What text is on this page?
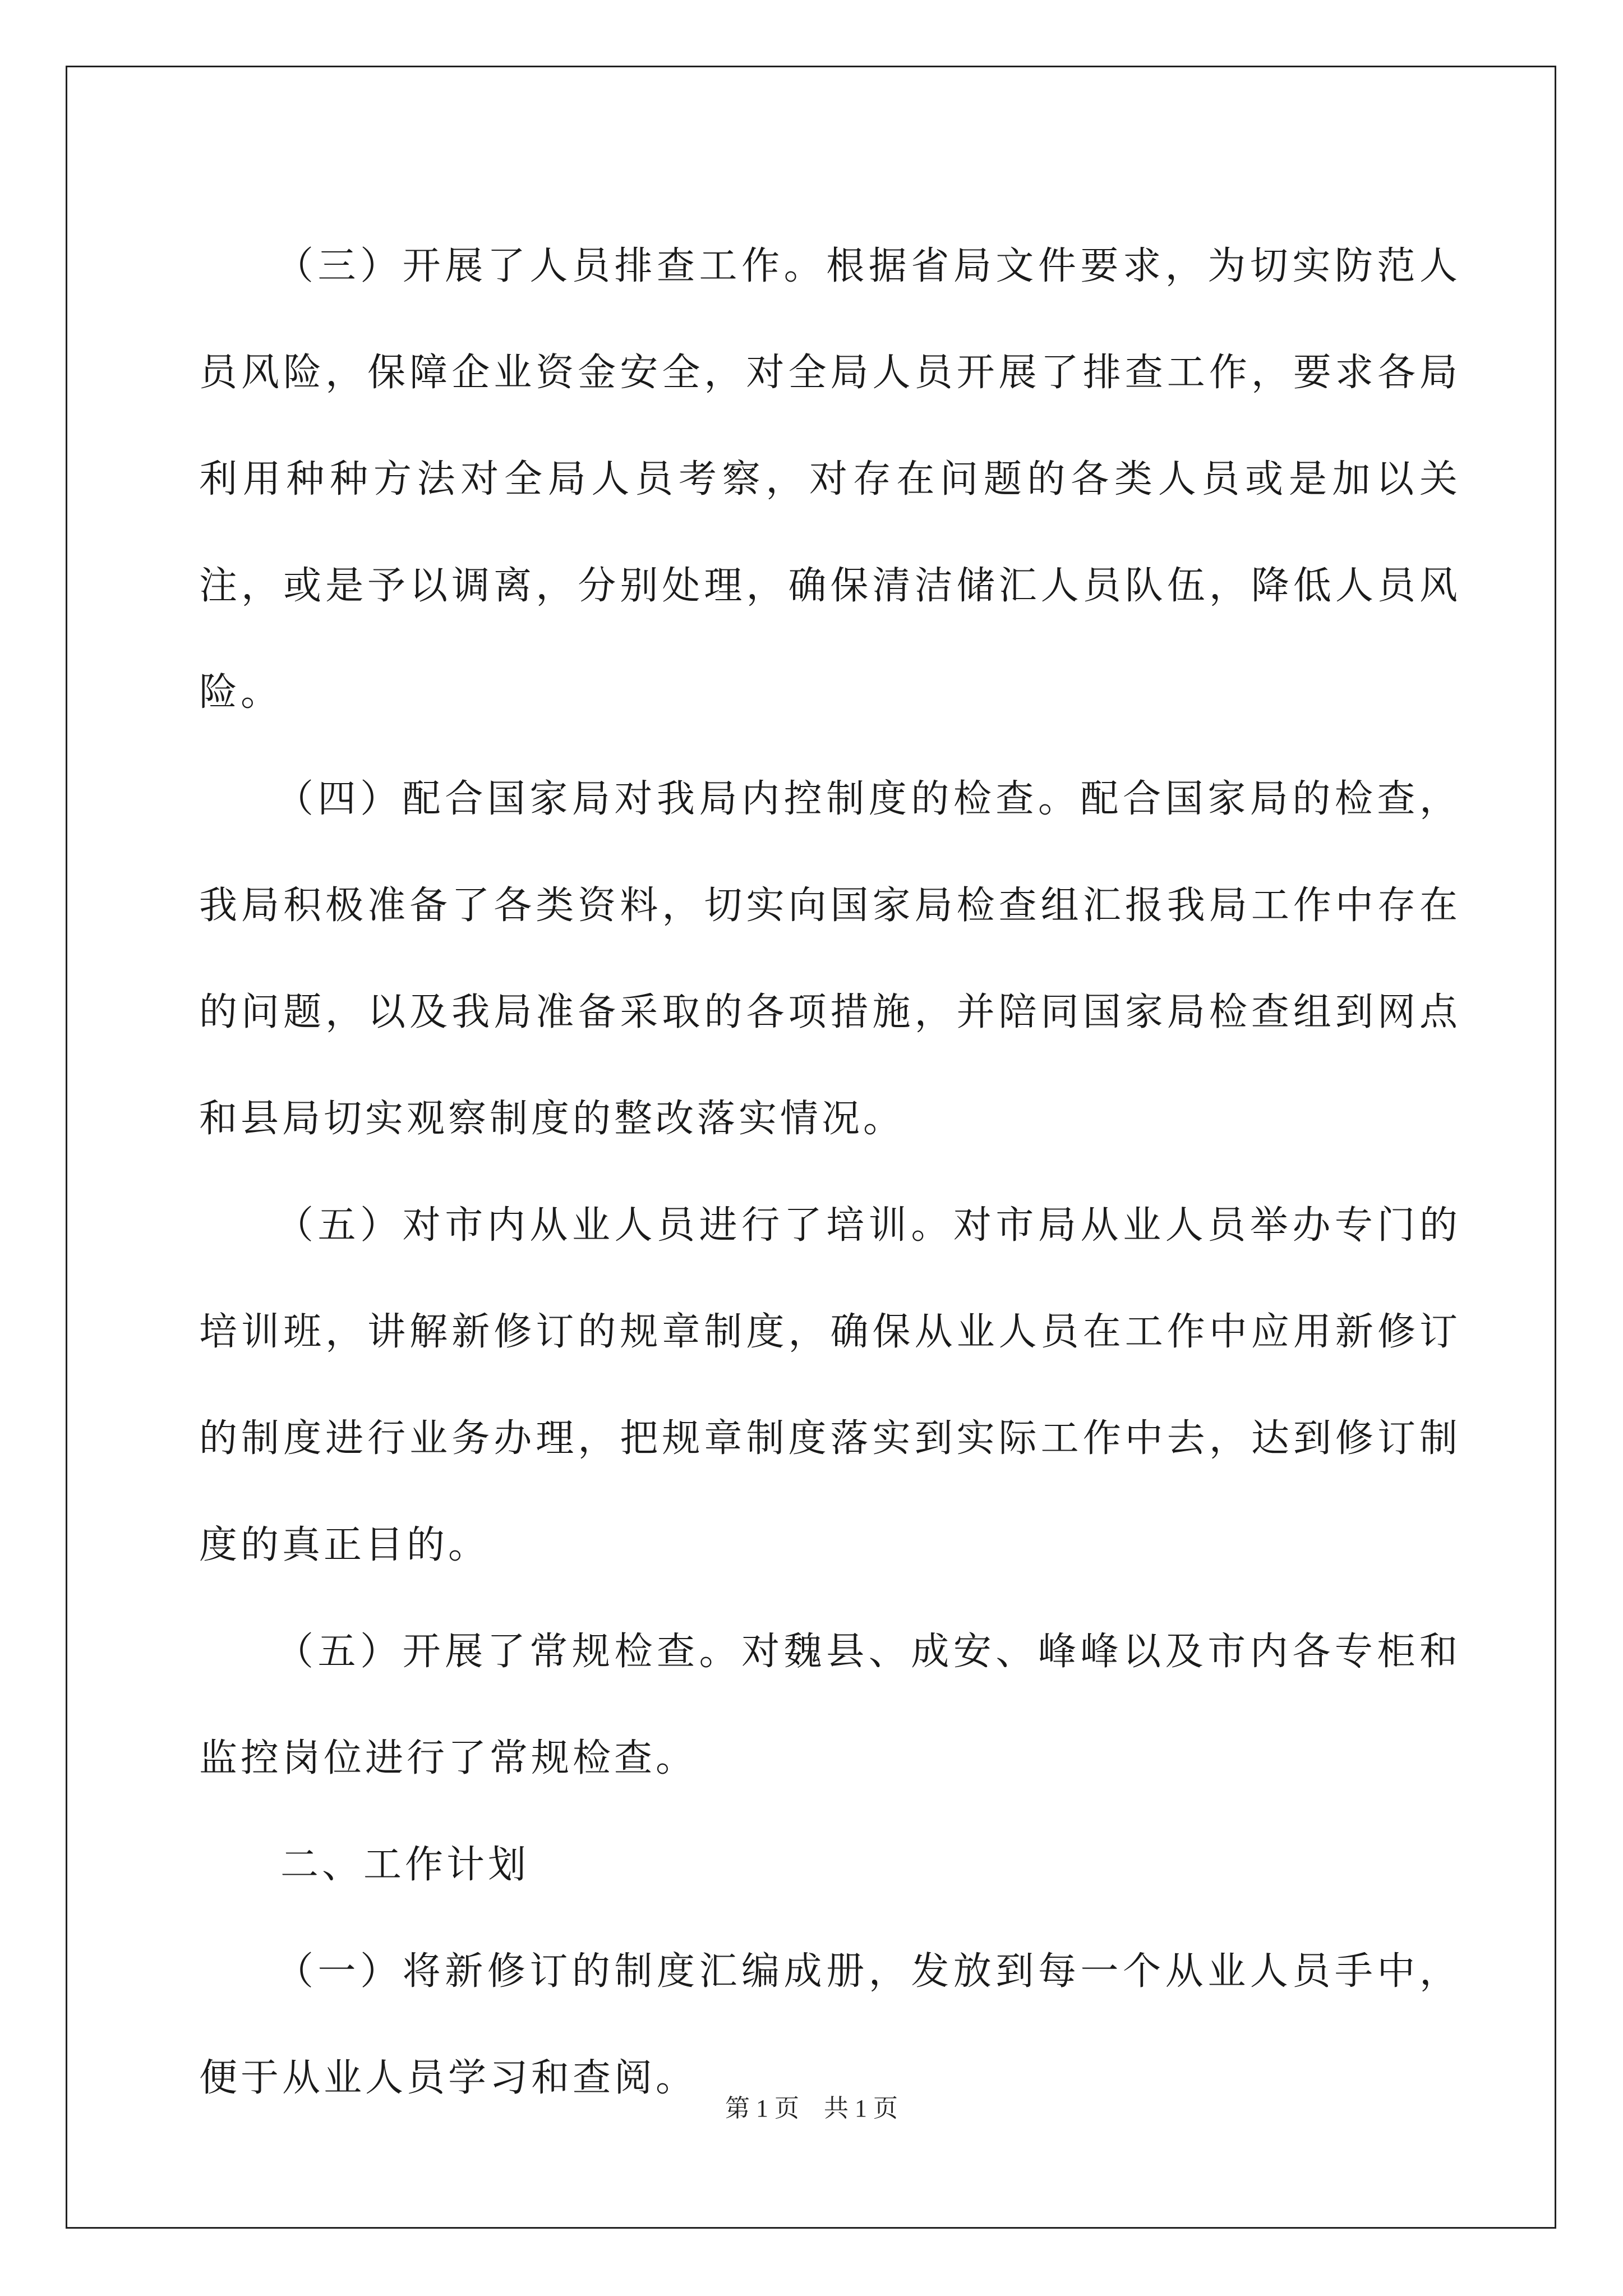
（三）开展了人员排查工作。根据省局文件要求，为切实防范人员风险，保障企业资金安全，对全局人员开展了排查工作，要求各局利用种种方法对全局人员考察，对存在问题的各类人员或是加以关注，或是予以调离，分别处理，确保清洁储汇人员队伍，降低人员风险。

（四）配合国家局对我局内控制度的检查。配合国家局的检查，我局积极准备了各类资料，切实向国家局检查组汇报我局工作中存在的问题，以及我局准备采取的各项措施，并陪同国家局检查组到网点和县局切实观察制度的整改落实情况。

（五）对市内从业人员进行了培训。对市局从业人员举办专门的培训班，讲解新修订的规章制度，确保从业人员在工作中应用新修订的制度进行业务办理，把规章制度落实到实际工作中去，达到修订制度的真正目的。

（五）开展了常规检查。对魏县、成安、峰峰以及市内各专柜和监控岗位进行了常规检查。

二、工作计划

（一）将新修订的制度汇编成册，发放到每一个从业人员手中，便于从业人员学习和查阅。

第 1 页　共 1 页
